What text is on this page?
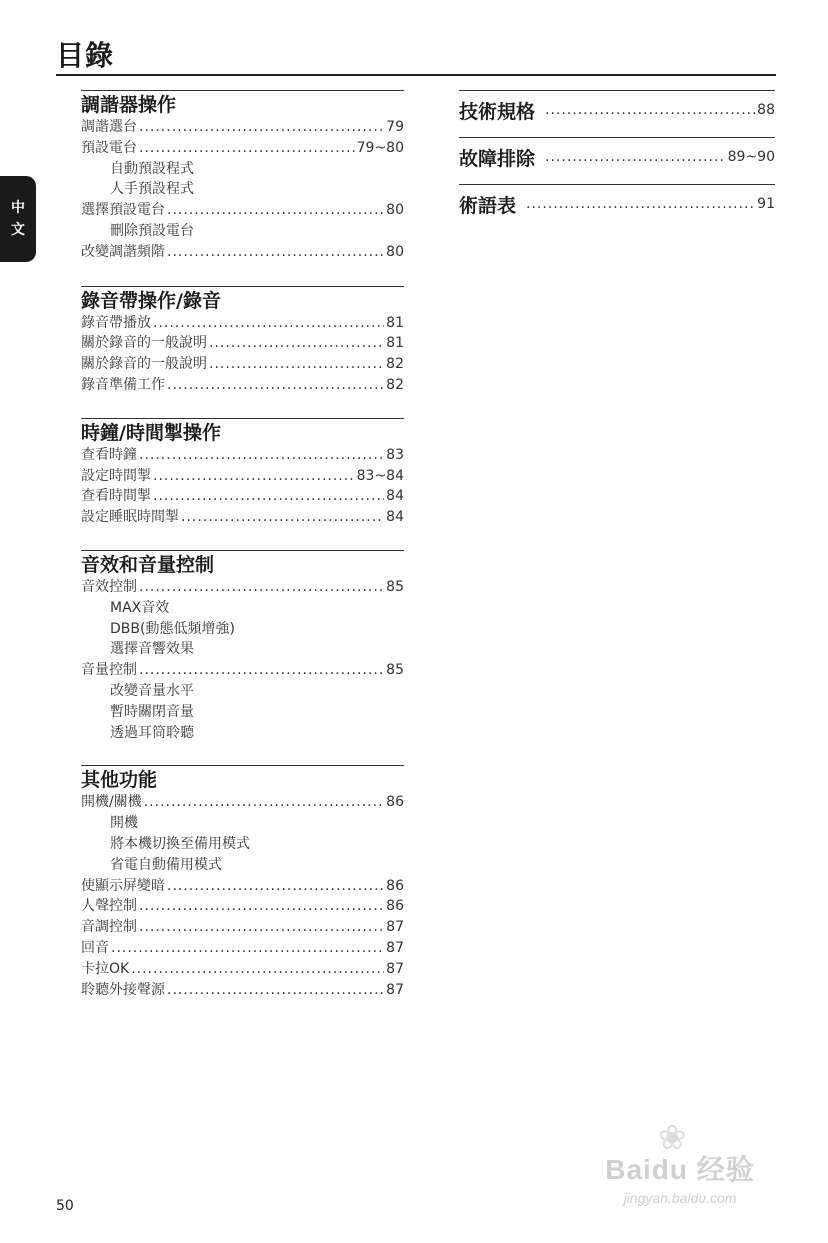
目錄
中
文
調諧器操作
調諧選台 .....	79
預設電台 .....	79~80
自動預設程式
人手預設程式
選擇預設電台 .....	80
刪除預設電台
改變調諧頻階 .....	80
錄音帶操作/錄音
錄音帶播放 .....	81
關於錄音的一般說明 .....	81
關於錄音的一般說明 .....	82
錄音準備工作 .....	82
時鐘/時間掣操作
查看時鐘 .....	83
設定時間掣 .....	83~84
查看時間掣 .....	84
設定睡眠時間掣 .....	84
音效和音量控制
音效控制 .....	85
MAX音效
DBB(動態低頻增強)
選擇音響效果
音量控制 .....	85
改變音量水平
暫時關閉音量
透過耳筒聆聽
其他功能
開機/關機 .....	86
開機
將本機切換至備用模式
省電自動備用模式
使顯示屏變暗 .....	86
人聲控制 .....	86
音調控制 .....	87
回音 .....	87
卡拉OK .....	87
聆聽外接聲源 .....	87
技術規格 .....	88
故障排除 .....	89~90
術語表 .....	91
50
❀
Baidu 经验
jingyan.baidu.com
